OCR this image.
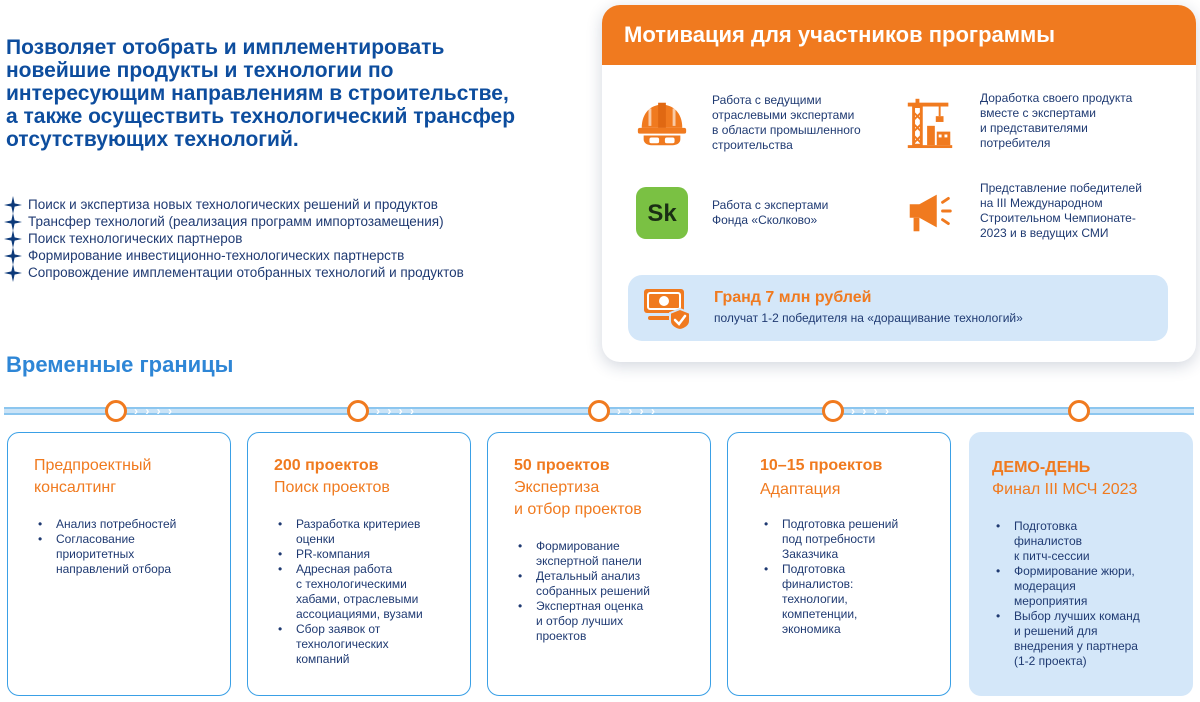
Позволяет отобрать и имплементировать
новейшие продукты и технологии по
интересующим направлениям в строительстве,
а также осуществить технологический трансфер
отсутствующих технологий.
Поиск и экспертиза новых технологических решений и продуктов
Трансфер технологий (реализация программ импортозамещения)
Поиск технологических партнеров
Формирование инвестиционно-технологических партнерств
Сопровождение имплементации отобранных технологий и продуктов
Мотивация для участников программы
Работа с ведущими
отраслевыми экспертами
в области промышленного
строительства
Доработка своего продукта
вместе с экспертами
и представителями
потребителя
Sk	Работа с экспертами
Фонда «Сколково»
Представление победителей
на III Международном
Строительном Чемпионате-
2023 и в ведущих СМИ
Гранд 7 млн рублей
получат 1-2 победителя на «доращивание технологий»
Временные границы
› › › ›	› › › ›	› › › ›	› › › ›
Предпроектный
консалтинг
• Анализ потребностей
• Согласование
приоритетных
направлений отбора
200 проектов
Поиск проектов
• Разработка критериев
оценки
• PR-компания
• Адресная работа
с технологическими
хабами, отраслевыми
ассоциациями, вузами
• Сбор заявок от
технологических
компаний
50 проектов
Экспертиза
и отбор проектов
• Формирование
экспертной панели
• Детальный анализ
собранных решений
• Экспертная оценка
и отбор лучших
проектов
10–15 проектов
Адаптация
• Подготовка решений
под потребности
Заказчика
• Подготовка
финалистов:
технологии,
компетенции,
экономика
ДЕМО-ДЕНЬ
Финал III МСЧ 2023
• Подготовка
финалистов
к питч-сессии
• Формирование жюри,
модерация
мероприятия
• Выбор лучших команд
и решений для
внедрения у партнера
(1-2 проекта)
